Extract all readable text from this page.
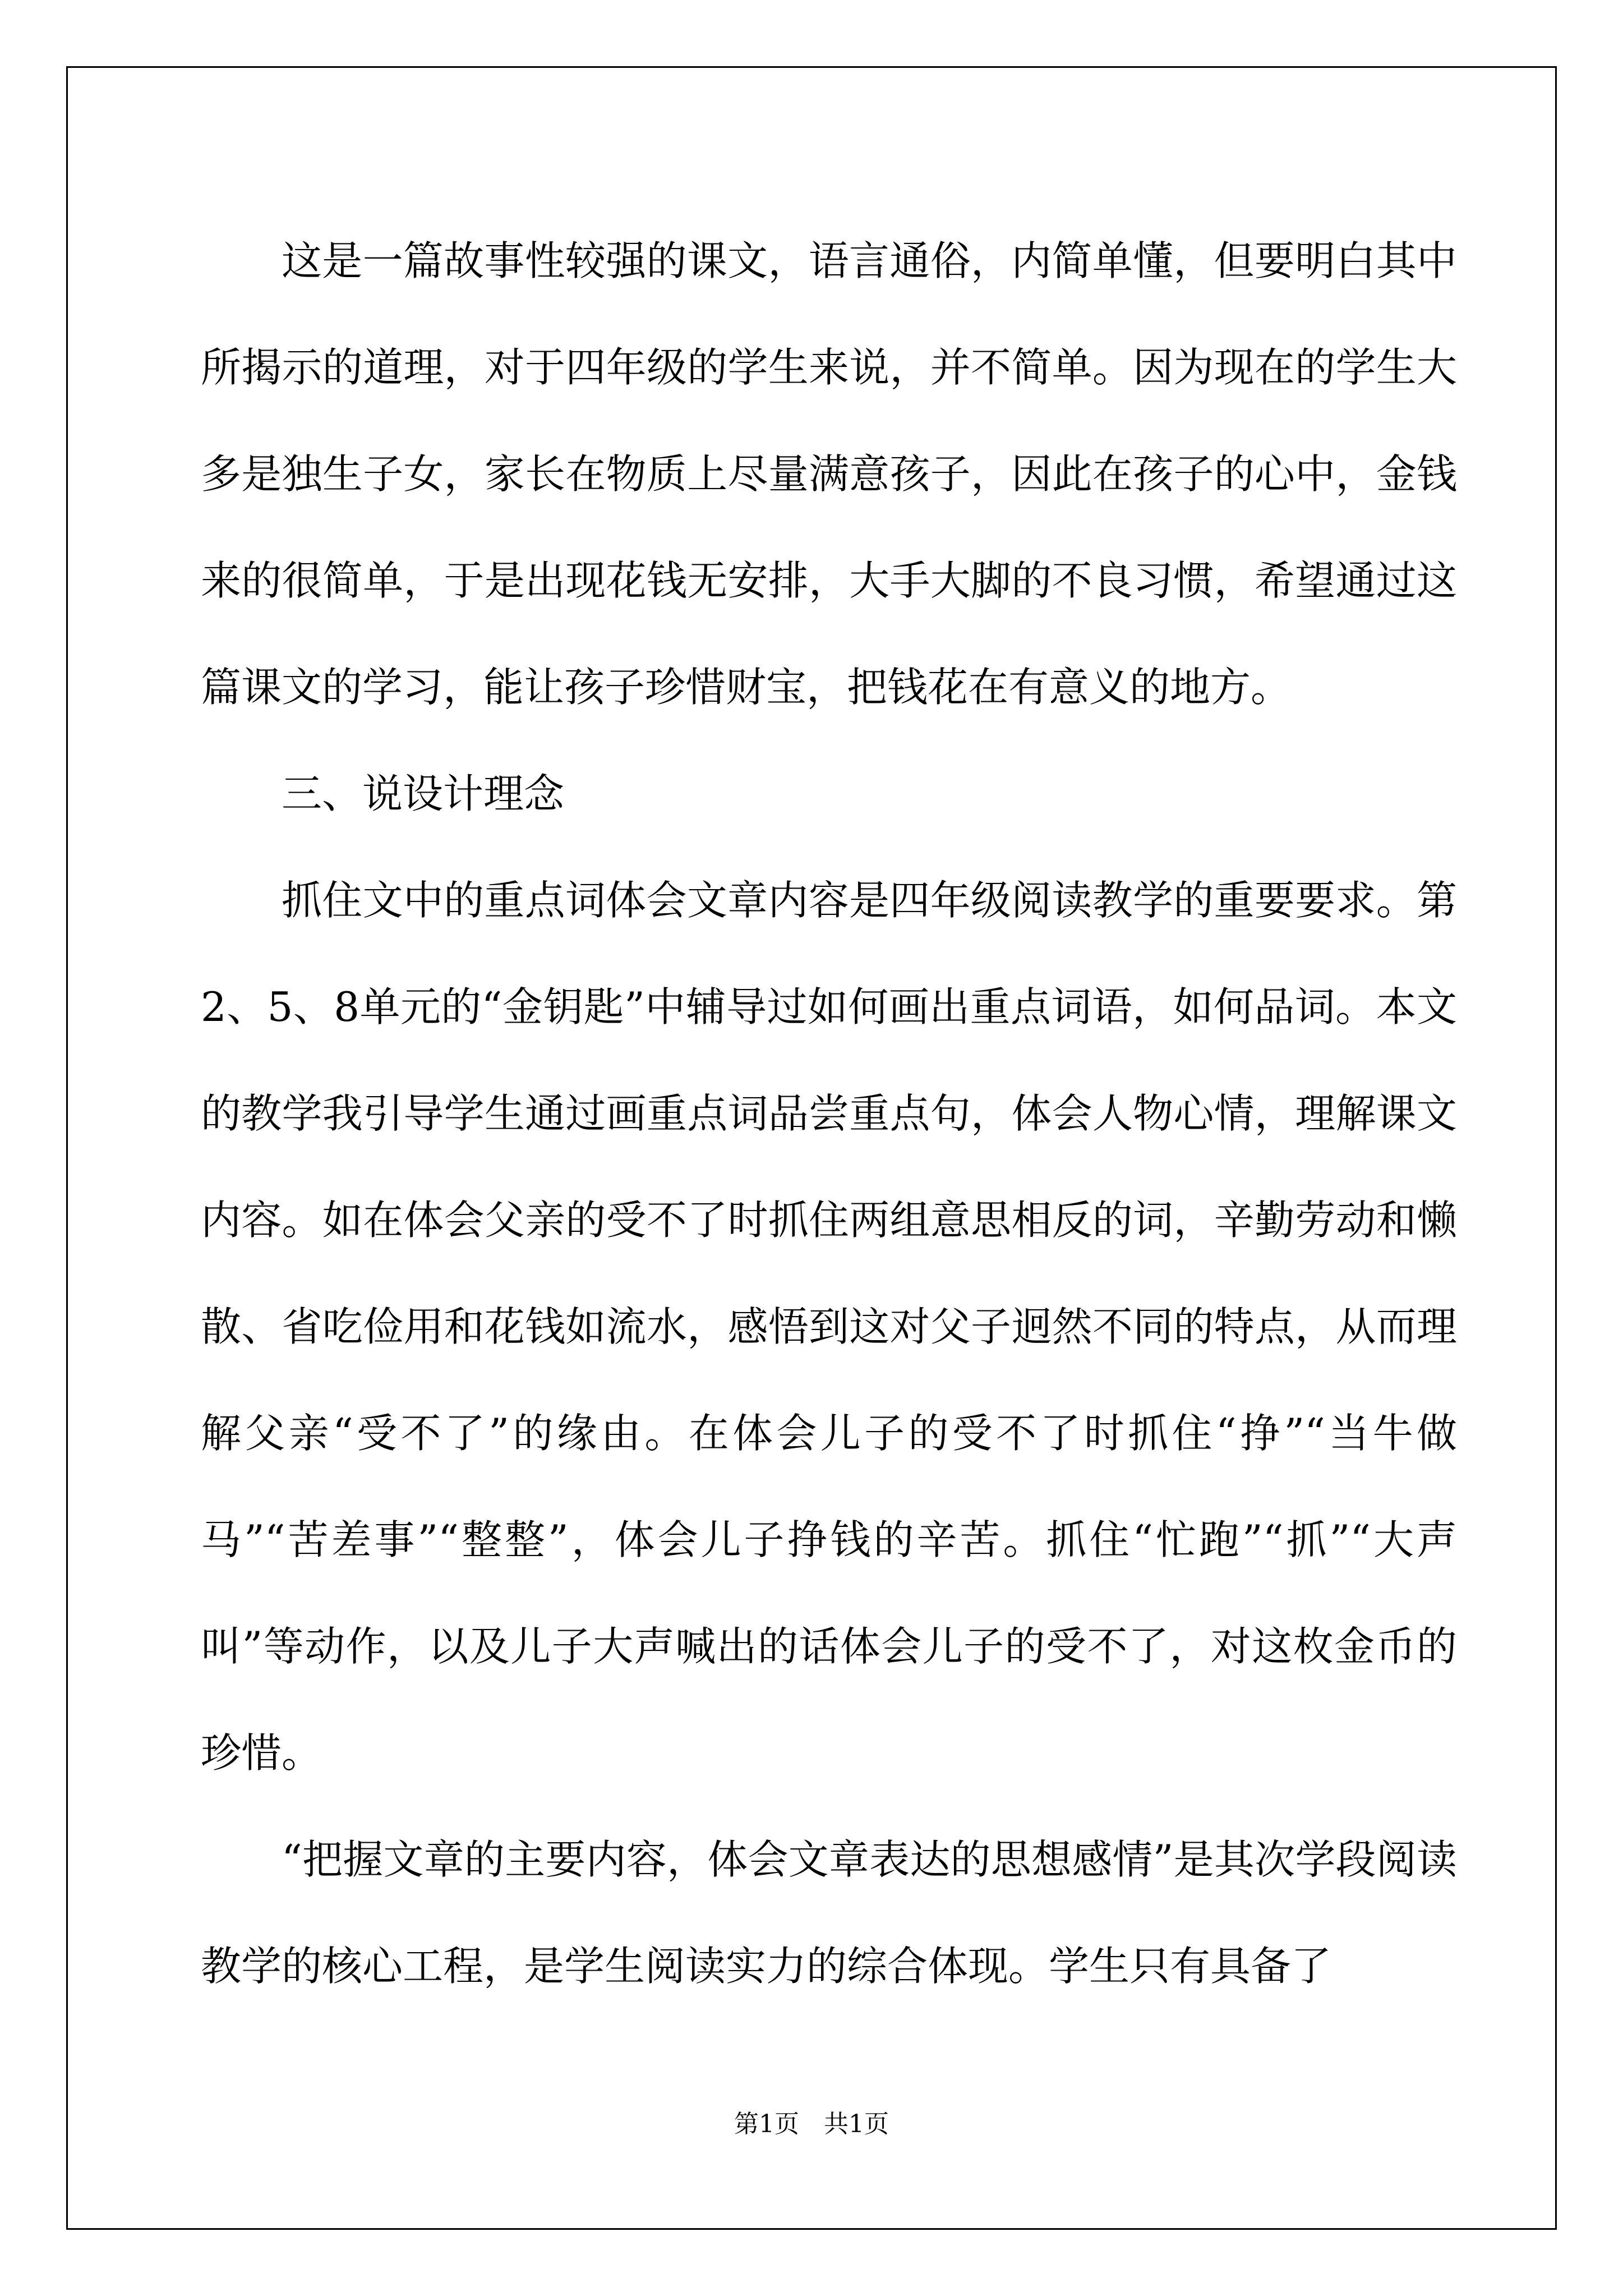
这是一篇故事性较强的课文，语言通俗，内简单懂，但要明白其中所揭示的道理，对于四年级的学生来说，并不简单。因为现在的学生大多是独生子女，家长在物质上尽量满意孩子，因此在孩子的心中，金钱来的很简单，于是出现花钱无安排，大手大脚的不良习惯，希望通过这篇课文的学习，能让孩子珍惜财宝，把钱花在有意义的地方。

三、说设计理念

抓住文中的重点词体会文章内容是四年级阅读教学的重要要求。第2、5、8单元的“金钥匙”中辅导过如何画出重点词语，如何品词。本文的教学我引导学生通过画重点词品尝重点句，体会人物心情，理解课文内容。如在体会父亲的受不了时抓住两组意思相反的词，辛勤劳动和懒散、省吃俭用和花钱如流水，感悟到这对父子迥然不同的特点，从而理解父亲“受不了”的缘由。在体会儿子的受不了时抓住“挣”“当牛做马”“苦差事”“整整”，体会儿子挣钱的辛苦。抓住“忙跑”“抓”“大声叫”等动作，以及儿子大声喊出的话体会儿子的受不了，对这枚金币的珍惜。

“把握文章的主要内容，体会文章表达的思想感情”是其次学段阅读教学的核心工程，是学生阅读实力的综合体现。学生只有具备了

第1页　共1页
